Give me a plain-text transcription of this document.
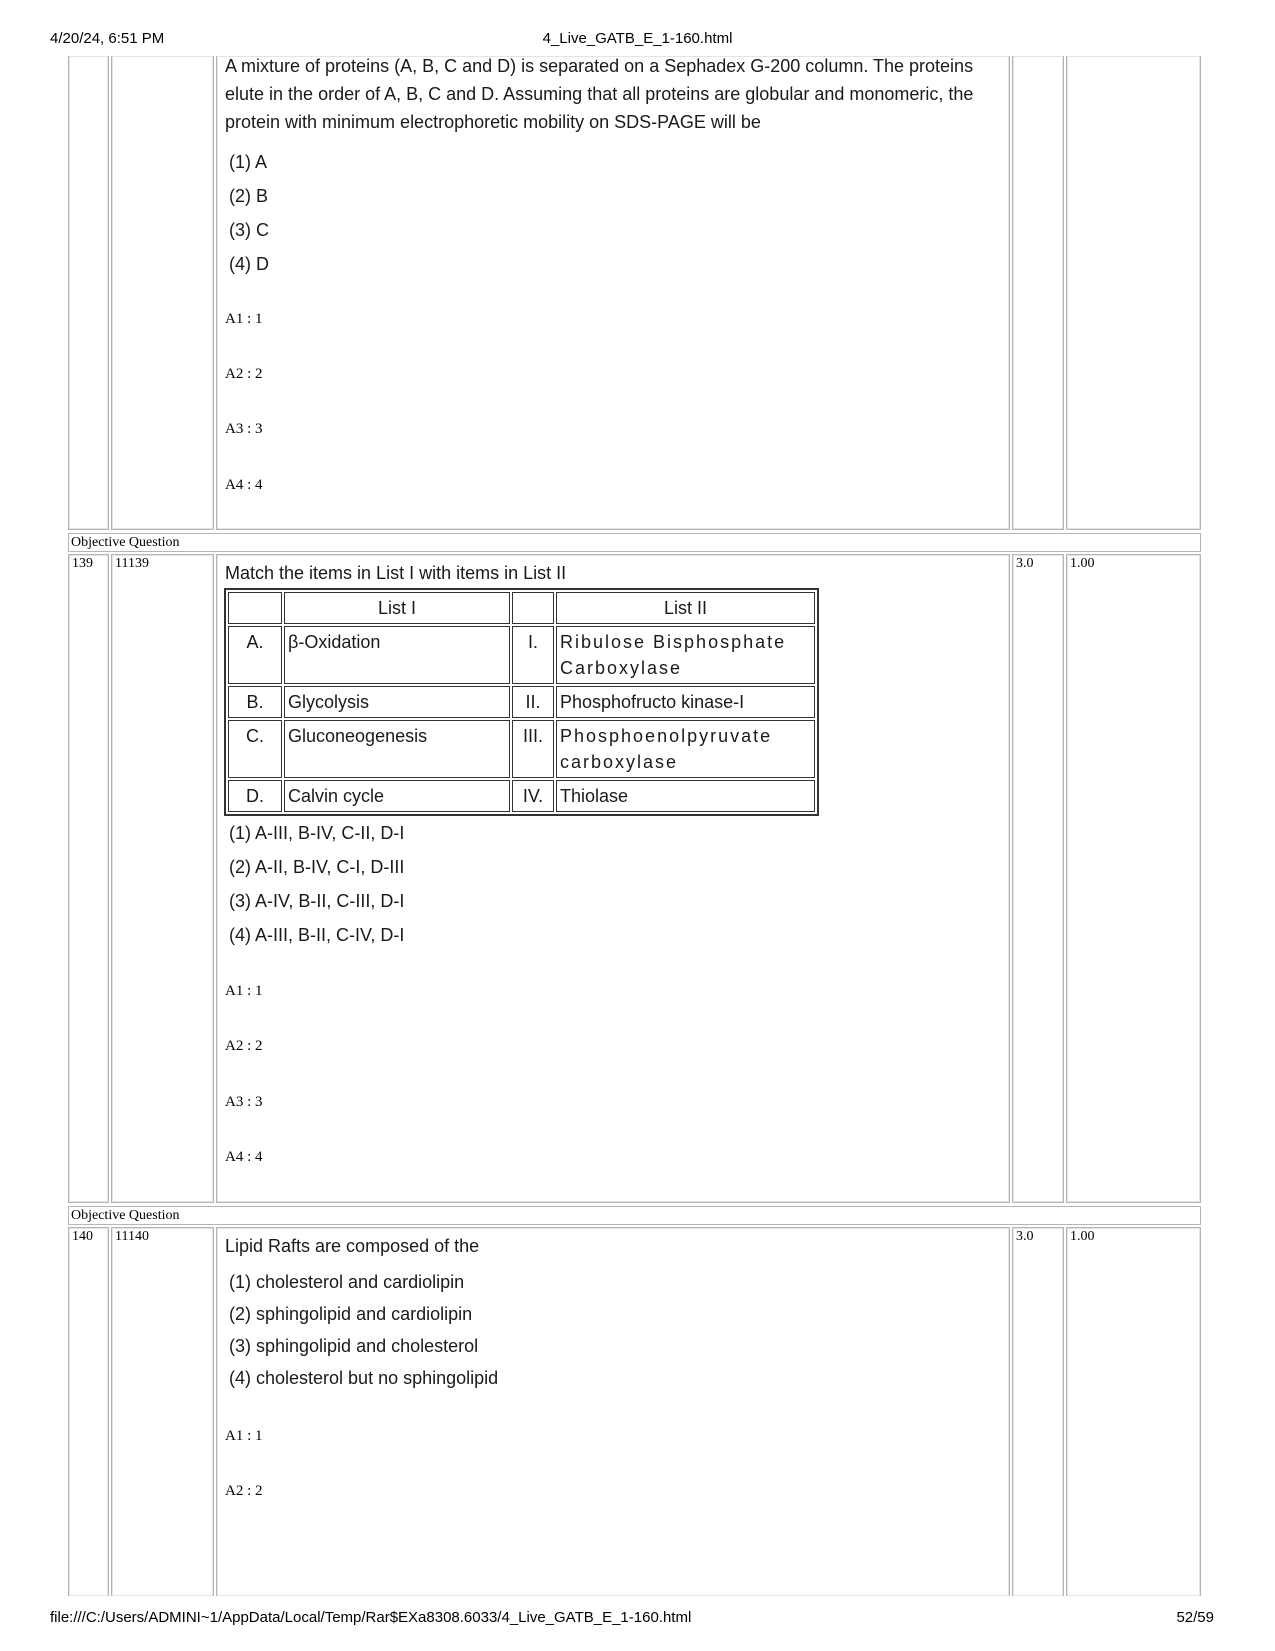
4/20/24, 6:51 PM	4_Live_GATB_E_1-160.html
A mixture of proteins (A, B, C and D) is separated on a Sephadex G-200 column. The proteins elute in the order of A, B, C and D. Assuming that all proteins are globular and monomeric, the protein with minimum electrophoretic mobility on SDS-PAGE will be
(1) A
(2) B
(3) C
(4) D
A1 : 1
A2 : 2
A3 : 3
A4 : 4
Objective Question
139 11139	Match the items in List I with items in List II
	List I		List II
A.	β-Oxidation	I.	Ribulose Bisphosphate Carboxylase
B.	Glycolysis	II.	Phosphofructo kinase-I
C.	Gluconeogenesis	III.	Phosphoenolpyruvate carboxylase
D.	Calvin cycle	IV.	Thiolase
(1) A-III, B-IV, C-II, D-I
(2) A-II, B-IV, C-I, D-III
(3) A-IV, B-II, C-III, D-I
(4) A-III, B-II, C-IV, D-I
A1 : 1
A2 : 2
A3 : 3
A4 : 4
3.0	1.00
Objective Question
140 11140	Lipid Rafts are composed of the
(1) cholesterol and cardiolipin
(2) sphingolipid and cardiolipin
(3) sphingolipid and cholesterol
(4) cholesterol but no sphingolipid
A1 : 1
A2 : 2
3.0	1.00
file:///C:/Users/ADMINI~1/AppData/Local/Temp/Rar$EXa8308.6033/4_Live_GATB_E_1-160.html	52/59
